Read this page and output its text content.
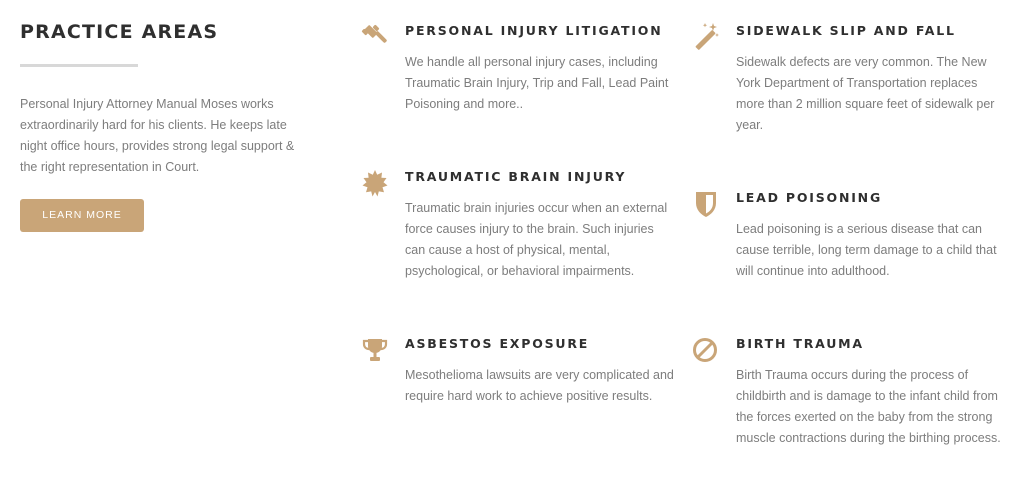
PRACTICE AREAS
Personal Injury Attorney Manual Moses works extraordinarily hard for his clients. He keeps late night office hours, provides strong legal support & the right representation in Court.
LEARN MORE
PERSONAL INJURY LITIGATION
We handle all personal injury cases, including Traumatic Brain Injury, Trip and Fall, Lead Paint Poisoning and more..
SIDEWALK SLIP AND FALL
Sidewalk defects are very common. The New York Department of Transportation replaces more than 2 million square feet of sidewalk per year.
TRAUMATIC BRAIN INJURY
Traumatic brain injuries occur when an external force causes injury to the brain. Such injuries can cause a host of physical, mental, psychological, or behavioral impairments.
LEAD POISONING
Lead poisoning is a serious disease that can cause terrible, long term damage to a child that will continue into adulthood.
ASBESTOS EXPOSURE
Mesothelioma lawsuits are very complicated and require hard work to achieve positive results.
BIRTH TRAUMA
Birth Trauma occurs during the process of childbirth and is damage to the infant child from the forces exerted on the baby from the strong muscle contractions during the birthing process.
